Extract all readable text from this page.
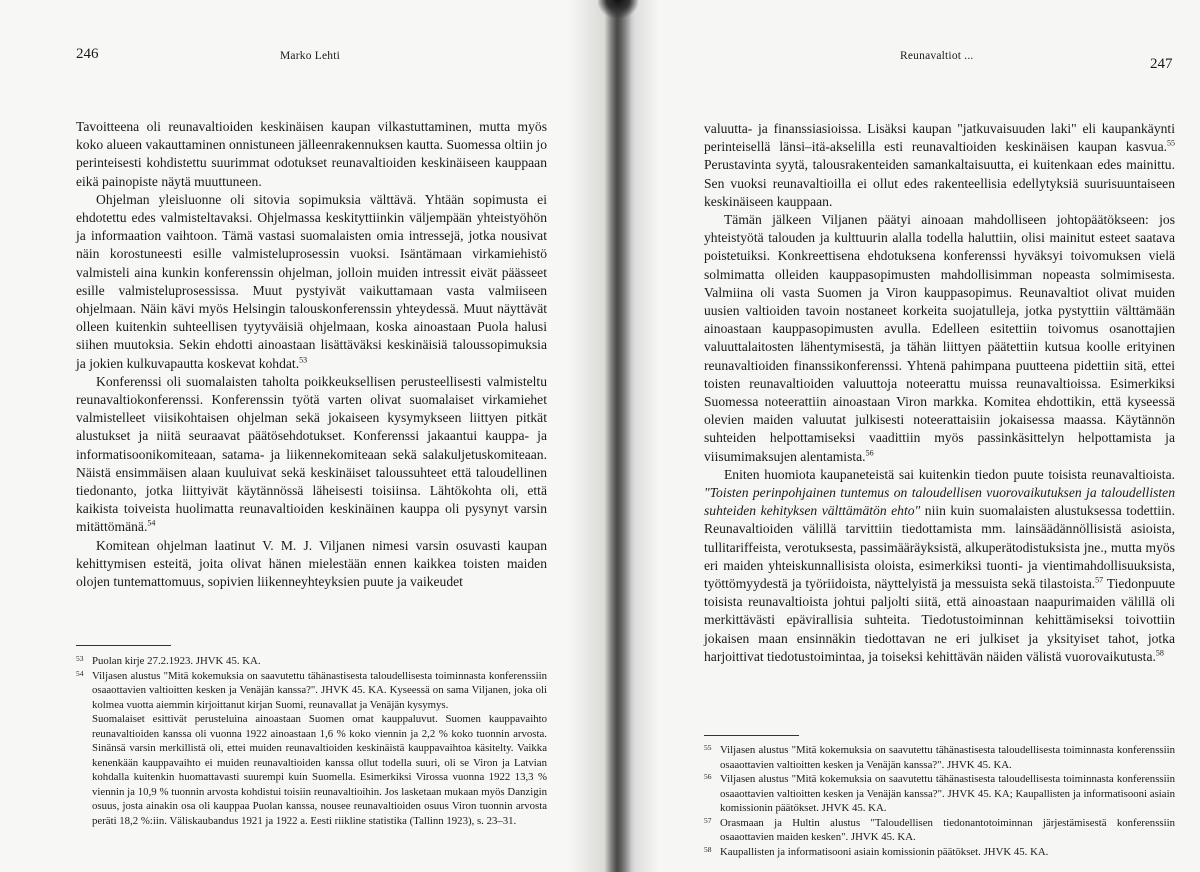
246	Marko Lehti

Tavoitteena oli reunavaltioiden keskinäisen kaupan vilkastuttaminen, mutta myös koko alueen vakauttaminen onnistuneen jälleenrakennuksen kautta. Suomessa oltiin jo perinteisesti kohdistettu suurimmat odotukset reunavaltioiden keskinäiseen kauppaan eikä painopiste näytä muuttuneen.

Ohjelman yleisluonne oli sitovia sopimuksia välttävä. Yhtään sopimusta ei ehdotettu edes valmisteltavaksi. Ohjelmassa keskityttiinkin väljempään yhteistyöhön ja informaation vaihtoon. Tämä vastasi suomalaisten omia intressejä, jotka nousivat näin korostuneesti esille valmisteluprosessin vuoksi. Isäntämaan virkamiehistö valmisteli aina kunkin konferenssin ohjelman, jolloin muiden intressit eivät päässeet esille valmisteluprosessissa. Muut pystyivät vaikuttamaan vasta valmiiseen ohjelmaan. Näin kävi myös Helsingin talouskonferenssin yhteydessä. Muut näyttävät olleen kuitenkin suhteellisen tyytyväisiä ohjelmaan, koska ainoastaan Puola halusi siihen muutoksia. Sekin ehdotti ainoastaan lisättäväksi keskinäisiä taloussopimuksia ja jokien kulkuvapautta koskevat kohdat.$^{53}$

Konferenssi oli suomalaisten taholta poikkeuksellisen perusteellisesti valmisteltu reunavaltiokonferenssi. Konferenssin työtä varten olivat suomalaiset virkamiehet valmistelleet viisikohtaisen ohjelman sekä jokaiseen kysymykseen liittyen pitkät alustukset ja niitä seuraavat päätösehdotukset. Konferenssi jakaantui kauppa- ja informatisoonikomiteaan, satama- ja liikennekomiteaan sekä salakuljetuskomiteaan. Näistä ensimmäisen alaan kuuluivat sekä keskinäiset taloussuhteet että taloudellinen tiedonanto, jotka liittyivät käytännössä läheisesti toisiinsa. Lähtökohta oli, että kaikista toiveista huolimatta reunavaltioiden keskinäinen kauppa oli pysynyt varsin mitättömänä.$^{54}$

Komitean ohjelman laatinut V. M. J. Viljanen nimesi varsin osuvasti kaupan kehittymisen esteitä, joita olivat hänen mielestään ennen kaikkea toisten maiden olojen tuntemattomuus, sopivien liikenneyhteyksien puute ja vaikeudet

53 Puolan kirje 27.2.1923. JHVK 45. KA.

54 Viljasen alustus "Mitä kokemuksia on saavutettu tähänastisesta taloudellisesta toiminnasta konferenssiin osaaottavien valtioitten kesken ja Venäjän kanssa?". JHVK 45. KA. Kyseessä on sama Viljanen, joka oli kolmea vuotta aiemmin kirjoittanut kirjan Suomi, reunavallat ja Venäjän kysymys.

Suomalaiset esittivät perusteluina ainoastaan Suomen omat kauppaluvut. Suomen kauppavaihto reunavaltioiden kanssa oli vuonna 1922 ainoastaan 1,6 % koko viennin ja 2,2 % koko tuonnin arvosta. Sinänsä varsin merkillistä oli, ettei muiden reunavaltioiden keskinäistä kauppavaihtoa käsitelty. Vaikka kenenkään kauppavaihto ei muiden reunavaltioiden kanssa ollut todella suuri, oli se Viron ja Latvian kohdalla kuitenkin huomattavasti suurempi kuin Suomella. Esimerkiksi Virossa vuonna 1922 13,3 % viennin ja 10,9 % tuonnin arvosta kohdistui toisiin reunavaltioihin. Jos lasketaan mukaan myös Danzigin osuus, josta ainakin osa oli kauppaa Puolan kanssa, nousee reunavaltioiden osuus Viron tuonnin arvosta peräti 18,2 %:iin. Väliskaubandus 1921 ja 1922 a. Eesti riikline statistika (Tallinn 1923), s. 23–31.

Reunavaltiot ...	247

valuutta- ja finanssiasioissa. Lisäksi kaupan "jatkuvaisuuden laki" eli kaupankäynti perinteisellä länsi–itä-akselilla esti reunavaltioiden keskinäisen kaupan kasvua.$^{55}$ Perustavinta syytä, talousrakenteiden samankaltaisuutta, ei kuitenkaan edes mainittu. Sen vuoksi reunavaltioilla ei ollut edes rakenteellisia edellytyksiä suurisuuntaiseen keskinäiseen kauppaan.

Tämän jälkeen Viljanen päätyi ainoaan mahdolliseen johtopäätökseen: jos yhteistyötä talouden ja kulttuurin alalla todella haluttiin, olisi mainitut esteet saatava poistetuiksi. Konkreettisena ehdotuksena konferenssi hyväksyi toivomuksen vielä solmimatta olleiden kauppasopimusten mahdollisimman nopeasta solmimisesta. Valmiina oli vasta Suomen ja Viron kauppasopimus. Reunavaltiot olivat muiden uusien valtioiden tavoin nostaneet korkeita suojatulleja, jotka pystyttiin välttämään ainoastaan kauppasopimusten avulla. Edelleen esitettiin toivomus osanottajien valuuttalaitosten lähentymisestä, ja tähän liittyen päätettiin kutsua koolle erityinen reunavaltioiden finanssikonferenssi. Yhtenä pahimpana puutteena pidettiin sitä, ettei toisten reunavaltioiden valuuttoja noteerattu muissa reunavaltioissa. Esimerkiksi Suomessa noteerattiin ainoastaan Viron markka. Komitea ehdottikin, että kyseessä olevien maiden valuutat julkisesti noteerattaisiin jokaisessa maassa. Käytännön suhteiden helpottamiseksi vaadittiin myös passinkäsittelyn helpottamista ja viisumimaksujen alentamista.$^{56}$

Eniten huomiota kaupaneteistä sai kuitenkin tiedon puute toisista reunavaltioista. "Toisten perinpohjainen tuntemus on taloudellisen vuorovaikutuksen ja taloudellisten suhteiden kehityksen välttämätön ehto" niin kuin suomalaisten alustuksessa todettiin. Reunavaltioiden välillä tarvittiin tiedottamista mm. lainsäädännöllisistä asioista, tullitariffeista, verotuksesta, passimääräyksistä, alkuperätodistuksista jne., mutta myös eri maiden yhteiskunnallisista oloista, esimerkiksi tuonti- ja vientimahdollisuuksista, työttömyydestä ja työriidoista, näyttelyistä ja messuista sekä tilastoista.$^{57}$ Tiedonpuute toisista reunavaltioista johtui paljolti siitä, että ainoastaan naapurimaiden välillä oli merkittävästi epävirallisia suhteita. Tiedotustoiminnan kehittämiseksi toivottiin jokaisen maan ensinnäkin tiedottavan ne eri julkiset ja yksityiset tahot, jotka harjoittivat tiedotustoimintaa, ja toiseksi kehittävän näiden välistä vuorovaikutusta.$^{58}$

55 Viljasen alustus "Mitä kokemuksia on saavutettu tähänastisesta taloudellisesta toiminnasta konferenssiin osaaottavien valtioitten kesken ja Venäjän kanssa?". JHVK 45. KA.

56 Viljasen alustus "Mitä kokemuksia on saavutettu tähänastisesta taloudellisesta toiminnasta konferenssiin osaaottavien valtioitten kesken ja Venäjän kanssa?". JHVK 45. KA; Kaupallisten ja informatisooni asiain komissionin päätökset. JHVK 45. KA.

57 Orasmaan ja Hultin alustus "Taloudellisen tiedonantotoiminnan järjestämisestä konferenssiin osaaottavien maiden kesken". JHVK 45. KA.

58 Kaupallisten ja informatisooni asiain komissionin päätökset. JHVK 45. KA.
